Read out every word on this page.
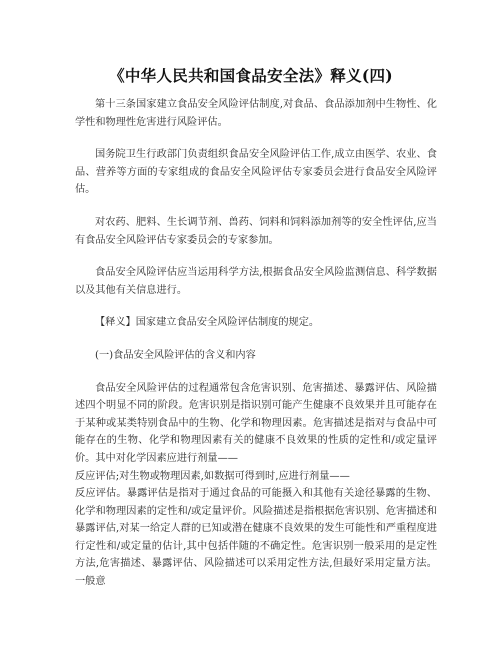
《中华人民共和国食品安全法》释义(四)

第十三条国家建立食品安全风险评估制度,对食品、食品添加剂中生物性、化学性和物理性危害进行风险评估。

国务院卫生行政部门负责组织食品安全风险评估工作,成立由医学、农业、食品、营养等方面的专家组成的食品安全风险评估专家委员会进行食品安全风险评估。

对农药、肥料、生长调节剂、兽药、饲料和饲料添加剂等的安全性评估,应当有食品安全风险评估专家委员会的专家参加。

食品安全风险评估应当运用科学方法,根据食品安全风险监测信息、科学数据以及其他有关信息进行。

【释义】国家建立食品安全风险评估制度的规定。

(一)食品安全风险评估的含义和内容

食品安全风险评估的过程通常包含危害识别、危害描述、暴露评估、风险描述四个明显不同的阶段。危害识别是指识别可能产生健康不良效果并且可能存在于某种或某类特别食品中的生物、化学和物理因素。危害描述是指对与食品中可能存在的生物、化学和物理因素有关的健康不良效果的性质的定性和/或定量评价。其中对化学因素应进行剂量——

反应评估;对生物或物理因素,如数据可得到时,应进行剂量——

反应评估。暴露评估是指对于通过食品的可能摄入和其他有关途径暴露的生物、化学和物理因素的定性和/或定量评价。风险描述是指根据危害识别、危害描述和暴露评估,对某一给定人群的已知或潜在健康不良效果的发生可能性和严重程度进行定性和/或定量的估计,其中包括伴随的不确定性。危害识别一般采用的是定性方法,危害描述、暴露评估、风险描述可以采用定性方法,但最好采用定量方法。一般意
